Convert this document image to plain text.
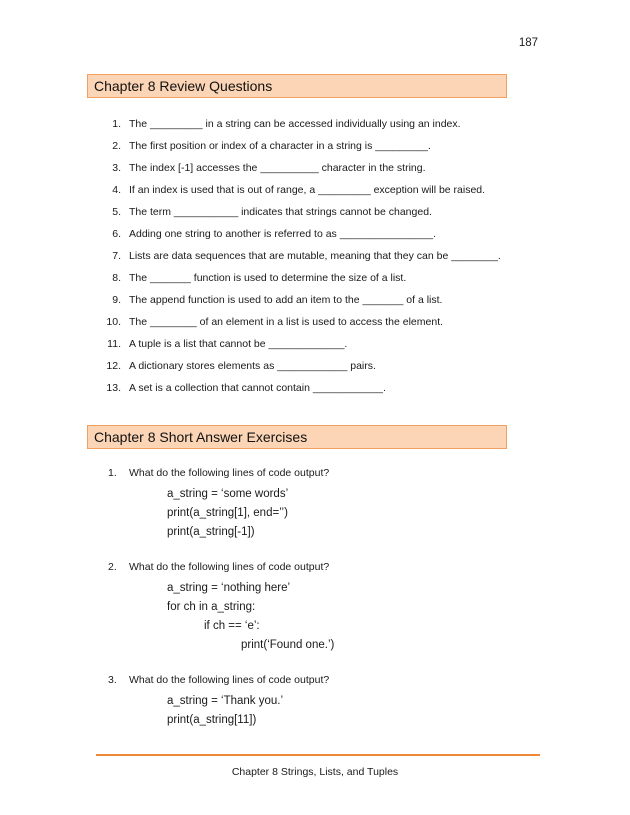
187
Chapter 8 Review Questions
1. The _________ in a string can be accessed individually using an index.
2. The first position or index of a character in a string is _________.
3. The index [-1] accesses the __________ character in the string.
4. If an index is used that is out of range, a _________ exception will be raised.
5. The term ___________ indicates that strings cannot be changed.
6. Adding one string to another is referred to as ________________.
7. Lists are data sequences that are mutable, meaning that they can be ________.
8. The _______ function is used to determine the size of a list.
9. The append function is used to add an item to the _______ of a list.
10. The ________ of an element in a list is used to access the element.
11. A tuple is a list that cannot be _____________.
12. A dictionary stores elements as ____________ pairs.
13. A set is a collection that cannot contain ____________.
Chapter 8 Short Answer Exercises
1. What do the following lines of code output?
a_string = ‘some words’
print(a_string[1], end=’’)
print(a_string[-1])
2. What do the following lines of code output?
a_string = ‘nothing here’
for ch in a_string:
if ch == ‘e’:
print(‘Found one.’)
3. What do the following lines of code output?
a_string = ‘Thank you.’
print(a_string[11])
Chapter 8 Strings, Lists, and Tuples
